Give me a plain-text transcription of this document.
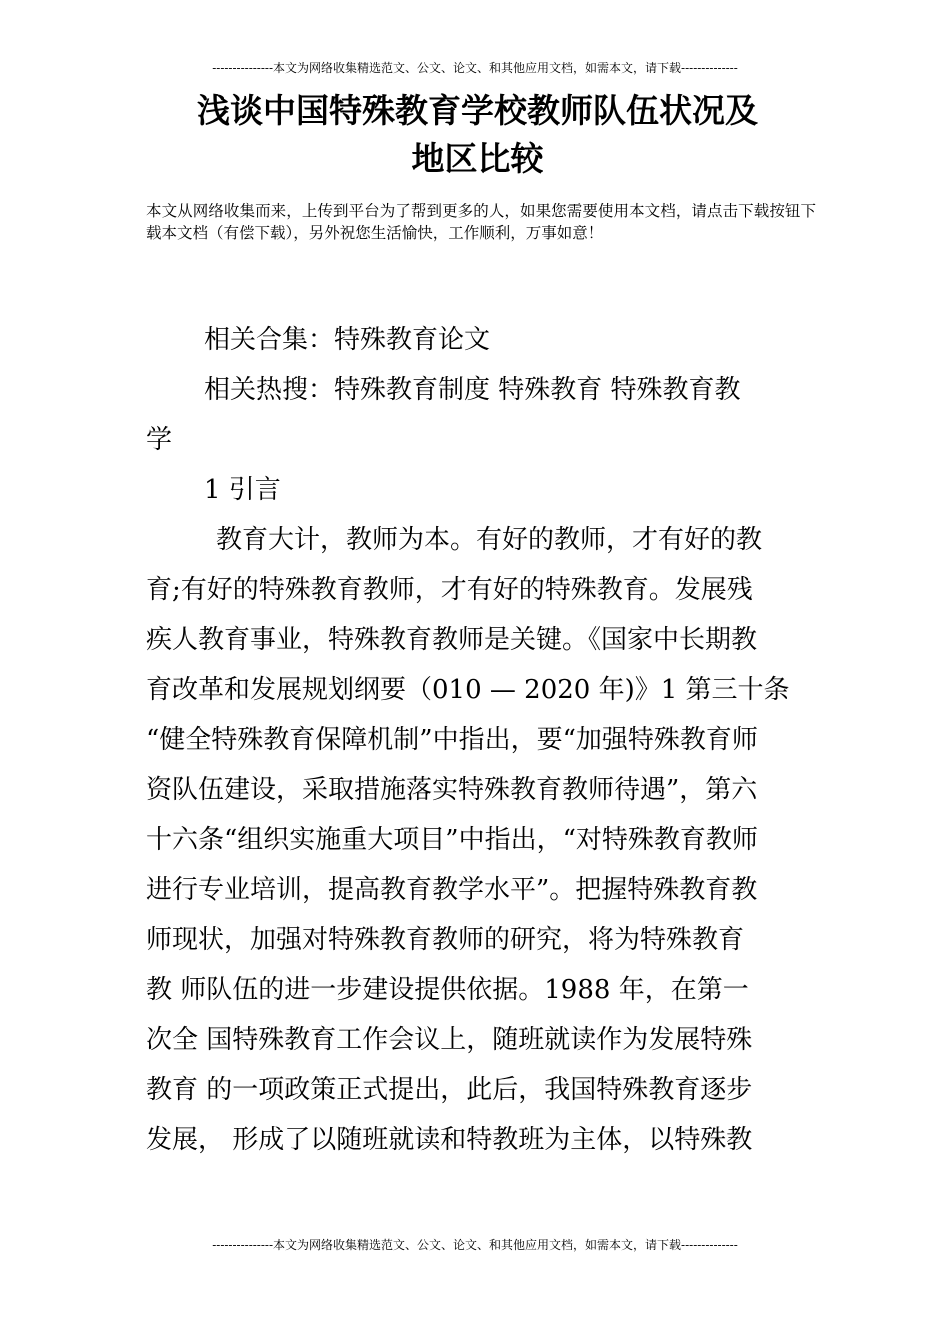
---------------本文为网络收集精选范文、公文、论文、和其他应用文档，如需本文，请下载--------------
浅谈中国特殊教育学校教师队伍状况及
地区比较
本文从网络收集而来，上传到平台为了帮到更多的人，如果您需要使用本文档，请点击下载按钮下载本文档（有偿下载），另外祝您生活愉快，工作顺利，万事如意！
相关合集：特殊教育论文
相关热搜：特殊教育制度 特殊教育 特殊教育教
学
1 引言
教育大计，教师为本。有好的教师，才有好的教
育;有好的特殊教育教师，才有好的特殊教育。发展残
疾人教育事业，特殊教育教师是关键。《国家中长期教
育改革和发展规划纲要（010 — 2020 年)》1 第三十条
“健全特殊教育保障机制”中指出，要“加强特殊教育师
资队伍建设，采取措施落实特殊教育教师待遇”，第六
十六条“组织实施重大项目”中指出，“对特殊教育教师
进行专业培训，提高教育教学水平”。把握特殊教育教
师现状，加强对特殊教育教师的研究，将为特殊教育
教 师队伍的进一步建设提供依据。1988 年，在第一
次全 国特殊教育工作会议上，随班就读作为发展特殊
教育 的一项政策正式提出，此后，我国特殊教育逐步
发展， 形成了以随班就读和特教班为主体，以特殊教
---------------本文为网络收集精选范文、公文、论文、和其他应用文档，如需本文，请下载--------------
